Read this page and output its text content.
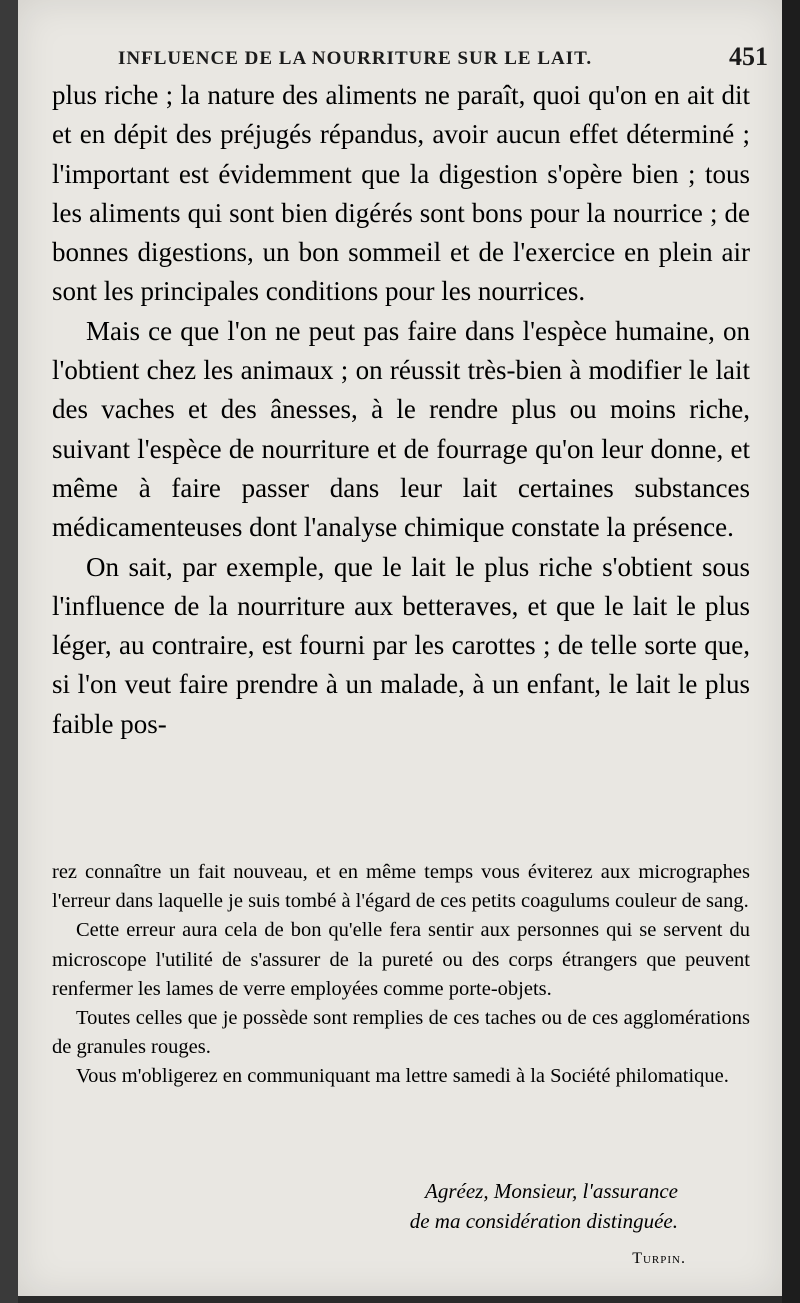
INFLUENCE DE LA NOURRITURE SUR LE LAIT.	451

plus riche ; la nature des aliments ne paraît, quoi qu'on en ait dit et en dépit des préjugés répandus, avoir aucun effet déterminé ; l'important est évidemment que la digestion s'opère bien ; tous les aliments qui sont bien digérés sont bons pour la nourrice ; de bonnes digestions, un bon sommeil et de l'exercice en plein air sont les principales conditions pour les nourrices.

Mais ce que l'on ne peut pas faire dans l'espèce humaine, on l'obtient chez les animaux ; on réussit très-bien à modifier le lait des vaches et des ânesses, à le rendre plus ou moins riche, suivant l'espèce de nourriture et de fourrage qu'on leur donne, et même à faire passer dans leur lait certaines substances médicamenteuses dont l'analyse chimique constate la présence.

On sait, par exemple, que le lait le plus riche s'obtient sous l'influence de la nourriture aux betteraves, et que le lait le plus léger, au contraire, est fourni par les carottes ; de telle sorte que, si l'on veut faire prendre à un malade, à un enfant, le lait le plus faible pos-

rez connaître un fait nouveau, et en même temps vous éviterez aux micrographes l'erreur dans laquelle je suis tombé à l'égard de ces petits coagulums couleur de sang.

Cette erreur aura cela de bon qu'elle fera sentir aux personnes qui se servent du microscope l'utilité de s'assurer de la pureté ou des corps étrangers que peuvent renfermer les lames de verre employées comme porte-objets.

Toutes celles que je possède sont remplies de ces taches ou de ces agglomérations de granules rouges.

Vous m'obligerez en communiquant ma lettre samedi à la Société philomatique.

Agréez, Monsieur, l'assurance
de ma considération distinguée.
Turpin.
